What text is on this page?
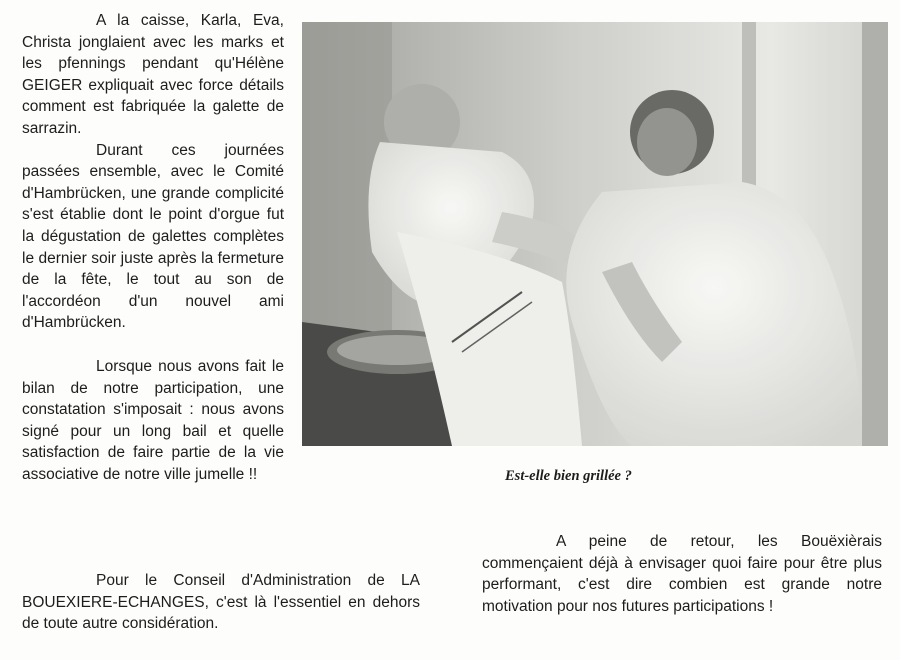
A la caisse, Karla, Eva, Christa jonglaient avec les marks et les pfennings pendant qu'Hélène GEIGER expliquait avec force détails comment est fabriquée la galette de sarrazin.

Durant ces journées passées ensemble, avec le Comité d'Hambrücken, une grande complicité s'est établie dont le point d'orgue fut la dégustation de galettes complètes le dernier soir juste après la fermeture de la fête, le tout au son de l'accordéon d'un nouvel ami d'Hambrücken.

Lorsque nous avons fait le bilan de notre participation, une constatation s'imposait : nous avons signé pour un long bail et quelle satisfaction de faire partie de la vie associative de notre ville jumelle !!

Pour le Conseil d'Administration de LA BOUEXIERE-ECHANGES, c'est là l'essentiel en dehors de toute autre considération.

Est-elle bien grillée ?

A peine de retour, les Bouëxièrais commençaient déjà à envisager quoi faire pour être plus performant, c'est dire combien est grande notre motivation pour nos futures participations !
